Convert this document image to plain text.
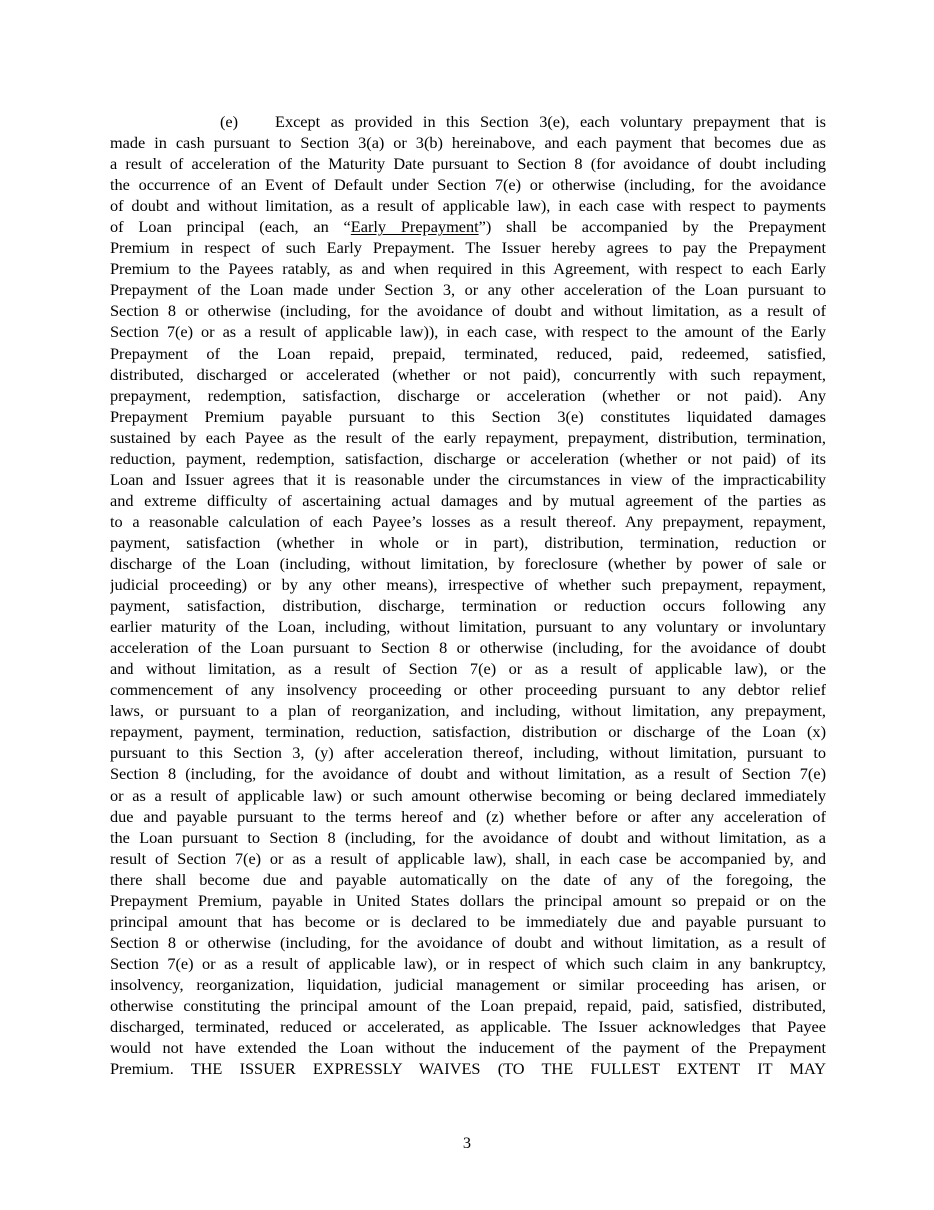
(e) Except as provided in this Section 3(e), each voluntary prepayment that is
made in cash pursuant to Section 3(a) or 3(b) hereinabove, and each payment that becomes due as
a result of acceleration of the Maturity Date pursuant to Section 8 (for avoidance of doubt including
the occurrence of an Event of Default under Section 7(e) or otherwise (including, for the avoidance
of doubt and without limitation, as a result of applicable law), in each case with respect to payments
of Loan principal (each, an “Early Prepayment”) shall be accompanied by the Prepayment
Premium in respect of such Early Prepayment. The Issuer hereby agrees to pay the Prepayment
Premium to the Payees ratably, as and when required in this Agreement, with respect to each Early
Prepayment of the Loan made under Section 3, or any other acceleration of the Loan pursuant to
Section 8 or otherwise (including, for the avoidance of doubt and without limitation, as a result of
Section 7(e) or as a result of applicable law)), in each case, with respect to the amount of the Early
Prepayment of the Loan repaid, prepaid, terminated, reduced, paid, redeemed, satisfied,
distributed, discharged or accelerated (whether or not paid), concurrently with such repayment,
prepayment, redemption, satisfaction, discharge or acceleration (whether or not paid). Any
Prepayment Premium payable pursuant to this Section 3(e) constitutes liquidated damages
sustained by each Payee as the result of the early repayment, prepayment, distribution, termination,
reduction, payment, redemption, satisfaction, discharge or acceleration (whether or not paid) of its
Loan and Issuer agrees that it is reasonable under the circumstances in view of the impracticability
and extreme difficulty of ascertaining actual damages and by mutual agreement of the parties as
to a reasonable calculation of each Payee’s losses as a result thereof. Any prepayment, repayment,
payment, satisfaction (whether in whole or in part), distribution, termination, reduction or
discharge of the Loan (including, without limitation, by foreclosure (whether by power of sale or
judicial proceeding) or by any other means), irrespective of whether such prepayment, repayment,
payment, satisfaction, distribution, discharge, termination or reduction occurs following any
earlier maturity of the Loan, including, without limitation, pursuant to any voluntary or involuntary
acceleration of the Loan pursuant to Section 8 or otherwise (including, for the avoidance of doubt
and without limitation, as a result of Section 7(e) or as a result of applicable law), or the
commencement of any insolvency proceeding or other proceeding pursuant to any debtor relief
laws, or pursuant to a plan of reorganization, and including, without limitation, any prepayment,
repayment, payment, termination, reduction, satisfaction, distribution or discharge of the Loan (x)
pursuant to this Section 3, (y) after acceleration thereof, including, without limitation, pursuant to
Section 8 (including, for the avoidance of doubt and without limitation, as a result of Section 7(e)
or as a result of applicable law) or such amount otherwise becoming or being declared immediately
due and payable pursuant to the terms hereof and (z) whether before or after any acceleration of
the Loan pursuant to Section 8 (including, for the avoidance of doubt and without limitation, as a
result of Section 7(e) or as a result of applicable law), shall, in each case be accompanied by, and
there shall become due and payable automatically on the date of any of the foregoing, the
Prepayment Premium, payable in United States dollars the principal amount so prepaid or on the
principal amount that has become or is declared to be immediately due and payable pursuant to
Section 8 or otherwise (including, for the avoidance of doubt and without limitation, as a result of
Section 7(e) or as a result of applicable law), or in respect of which such claim in any bankruptcy,
insolvency, reorganization, liquidation, judicial management or similar proceeding has arisen, or
otherwise constituting the principal amount of the Loan prepaid, repaid, paid, satisfied, distributed,
discharged, terminated, reduced or accelerated, as applicable. The Issuer acknowledges that Payee
would not have extended the Loan without the inducement of the payment of the Prepayment
Premium. THE ISSUER EXPRESSLY WAIVES (TO THE FULLEST EXTENT IT MAY
3
